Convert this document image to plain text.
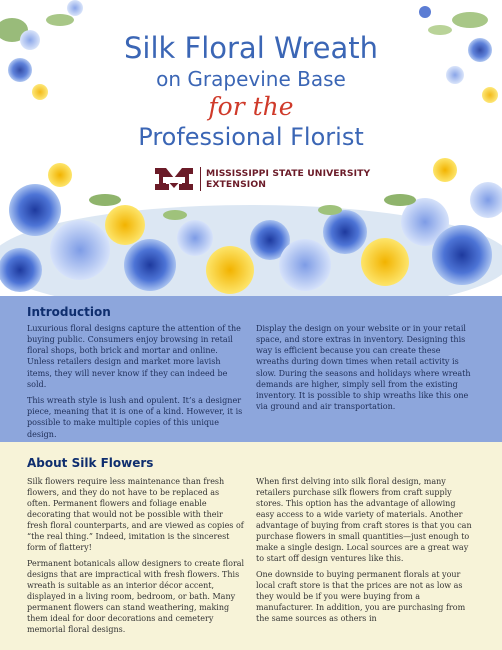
Silk Floral Wreath
on Grapevine Base
for the
Professional Florist
MISSISSIPPI STATE UNIVERSITY
EXTENSION
Introduction

Luxurious floral designs capture the attention of the buying public. Consumers enjoy browsing in retail floral shops, both brick and mortar and online. Unless retailers design and market more lavish items, they will never know if they can indeed be sold.

This wreath style is lush and opulent. It’s a designer piece, meaning that it is one of a kind. However, it is possible to make multiple copies of this unique design.

Display the design on your website or in your retail space, and store extras in inventory. Designing this way is efficient because you can create these wreaths during down times when retail activity is slow. During the seasons and holidays where wreath demands are higher, simply sell from the existing inventory. It is possible to ship wreaths like this one via ground and air transportation.

About Silk Flowers

Silk flowers require less maintenance than fresh flowers, and they do not have to be replaced as often. Permanent flowers and foliage enable decorating that would not be possible with their fresh floral counterparts, and are viewed as copies of “the real thing.” Indeed, imitation is the sincerest form of flattery!

Permanent botanicals allow designers to create floral designs that are impractical with fresh flowers. This wreath is suitable as an interior décor accent, displayed in a living room, bedroom, or bath. Many permanent flowers can stand weathering, making them ideal for door decorations and cemetery memorial floral designs.

When first delving into silk floral design, many retailers purchase silk flowers from craft supply stores. This option has the advantage of allowing easy access to a wide variety of materials. Another advantage of buying from craft stores is that you can purchase flowers in small quantities—just enough to make a single design. Local sources are a great way to start off design ventures like this.

One downside to buying permanent florals at your local craft store is that the prices are not as low as they would be if you were buying from a manufacturer. In addition, you are purchasing from the same sources as others in
